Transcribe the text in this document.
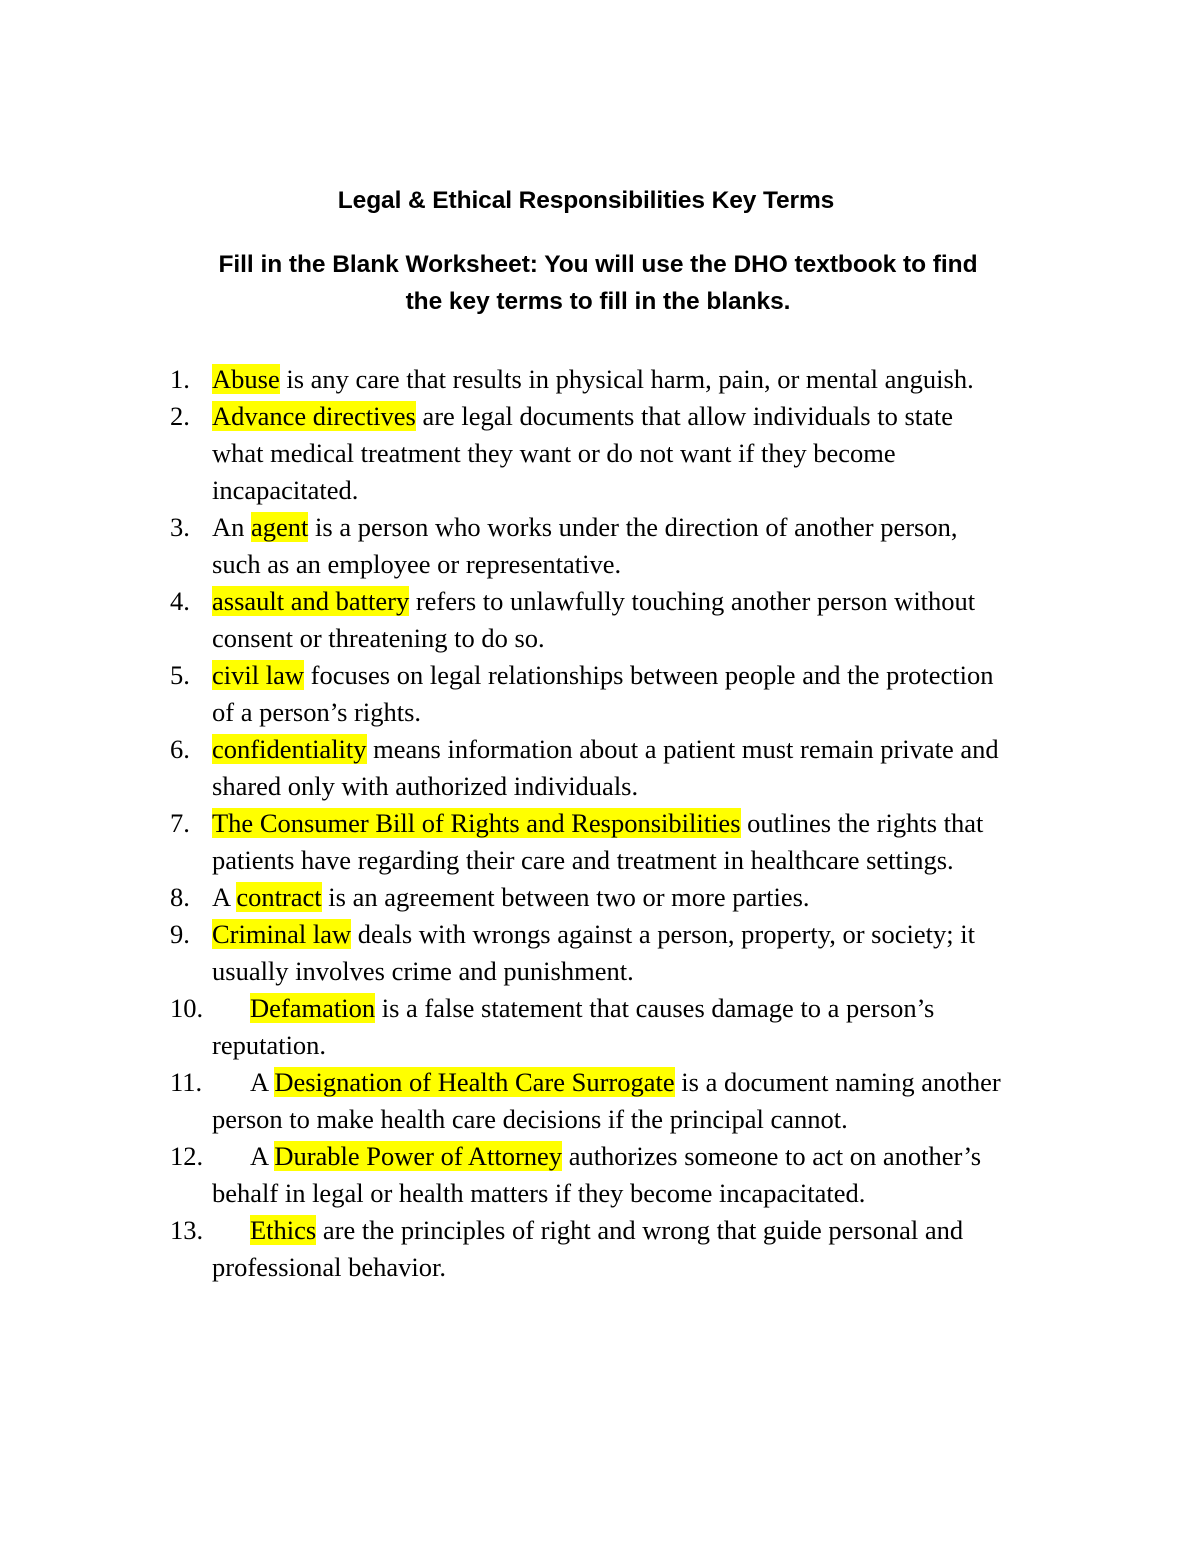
Legal & Ethical Responsibilities Key Terms
Fill in the Blank Worksheet: You will use the DHO textbook to find the key terms to fill in the blanks.
1. Abuse is any care that results in physical harm, pain, or mental anguish.
2. Advance directives are legal documents that allow individuals to state what medical treatment they want or do not want if they become incapacitated.
3. An agent is a person who works under the direction of another person, such as an employee or representative.
4. assault and battery refers to unlawfully touching another person without consent or threatening to do so.
5. civil law focuses on legal relationships between people and the protection of a person’s rights.
6. confidentiality means information about a patient must remain private and shared only with authorized individuals.
7. The Consumer Bill of Rights and Responsibilities outlines the rights that patients have regarding their care and treatment in healthcare settings.
8. A contract is an agreement between two or more parties.
9. Criminal law deals with wrongs against a person, property, or society; it usually involves crime and punishment.
10.	Defamation is a false statement that causes damage to a person’s reputation.
11.	A Designation of Health Care Surrogate is a document naming another person to make health care decisions if the principal cannot.
12.	A Durable Power of Attorney authorizes someone to act on another’s behalf in legal or health matters if they become incapacitated.
13.	Ethics are the principles of right and wrong that guide personal and professional behavior.
